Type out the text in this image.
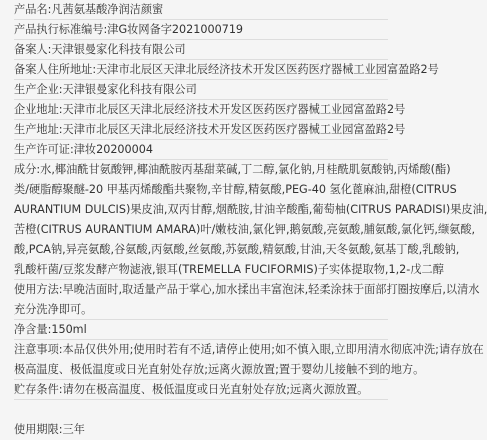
产品名:凡茜氨基酸净润洁颜蜜
产品执行标准编号:津G妆网备字2021000719
备案人:天津银曼家化科技有限公司
备案人住所地址:天津市北辰区天津北辰经济技术开发区医药医疗器械工业园富盈路2号
生产企业:天津银曼家化科技有限公司
企业地址:天津市北辰区天津北辰经济技术开发区医药医疗器械工业园富盈路2号
生产地址:天津市北辰区天津北辰经济技术开发区医药医疗器械工业园富盈路2号
生产许可证:津妆20200004
成分:水,椰油酰甘氨酸钾,椰油酰胺丙基甜菜碱,丁二醇,氯化钠,月桂酰肌氨酸钠,丙烯酸(酯)
类/硬脂醇聚醚-20 甲基丙烯酸酯共聚物,辛甘醇,精氨酸,PEG-40 氢化蓖麻油,甜橙(CITRUS
AURANTIUM DULCIS)果皮油,双丙甘醇,烟酰胺,甘油辛酸酯,葡萄柚(CITRUS PARADISI)果皮油,
苦橙(CITRUS AURANTIUM AMARA)叶/嫩枝油,氯化钾,鹅氨酸,亮氨酸,脯氨酸,氯化钙,缬氨酸,
酸,PCA钠,异亮氨酸,谷氨酸,丙氨酸,丝氨酸,苏氨酸,精氨酸,甘油,天冬氨酸,氨基丁酸,乳酸钠,
乳酸杆菌/豆浆发酵产物滤液,银耳(TREMELLA FUCIFORMIS)子实体提取物,1,2-戊二醇
使用方法:早晚洁面时,取适量产品于掌心,加水揉出丰富泡沫,轻柔涂抹于面部打圈按摩后,以清水
充分洗净即可。
净含量:150ml
注意事项:本品仅供外用;使用时若有不适,请停止使用;如不慎入眼,立即用清水彻底冲洗;请存放在
极高温度、极低温度或日光直射处存放;远离火源放置;置于婴幼儿接触不到的地方。
贮存条件:请勿在极高温度、极低温度或日光直射处存放;远离火源放置。
使用期限:三年
